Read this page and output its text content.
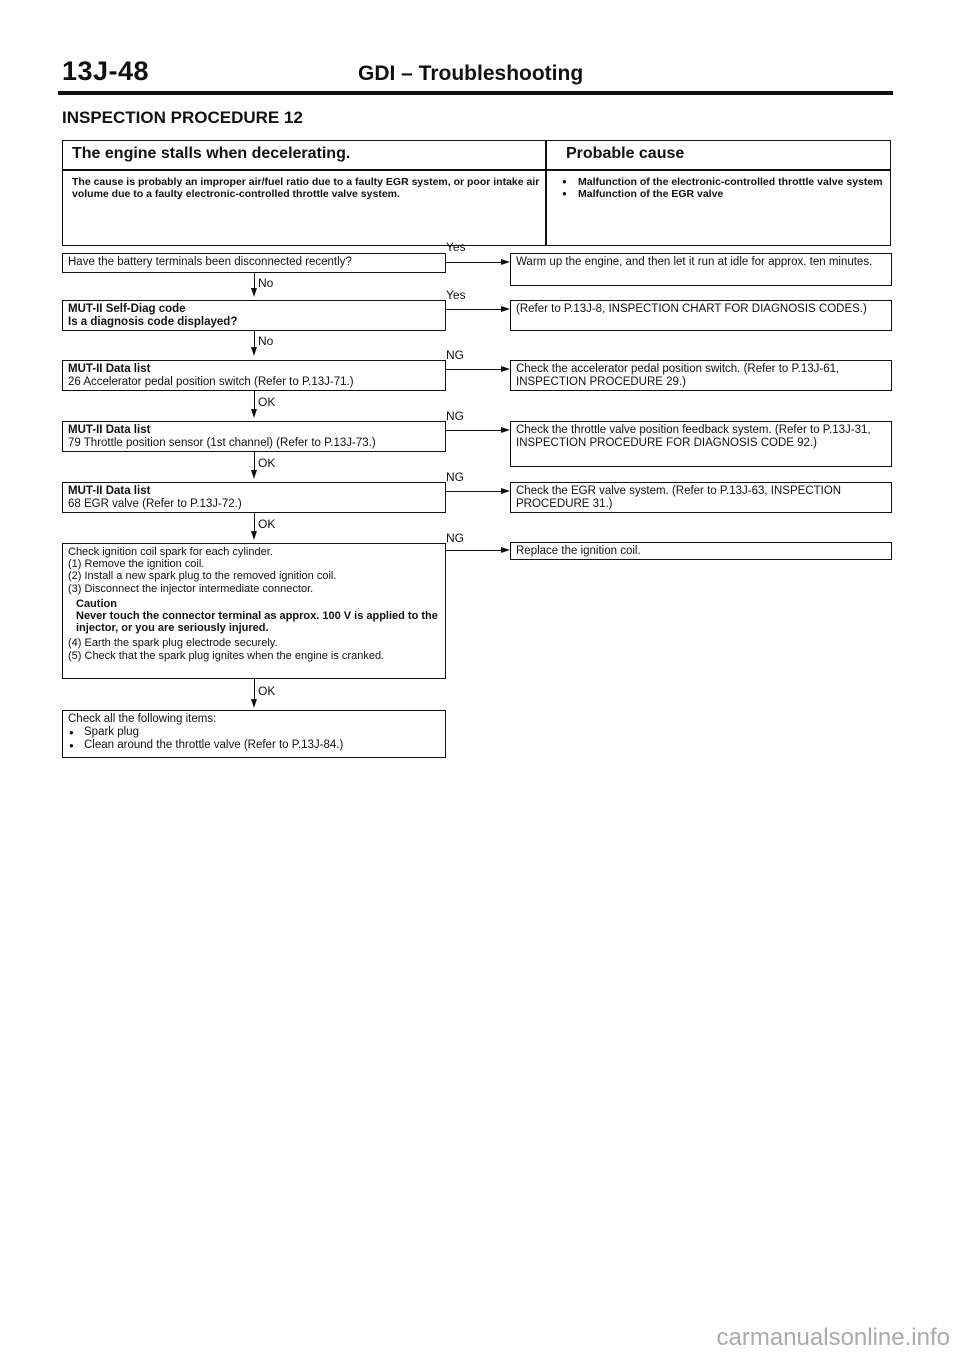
13J-48	GDI – Troubleshooting
INSPECTION PROCEDURE 12
The engine stalls when decelerating.	Probable cause
The cause is probably an improper air/fuel ratio due to a faulty EGR system, or poor intake air volume due to a faulty electronic-controlled throttle valve system.
● Malfunction of the electronic-controlled throttle valve system
● Malfunction of the EGR valve
Have the battery terminals been disconnected recently?
Yes
Warm up the engine, and then let it run at idle for approx. ten minutes.
No
MUT-II Self-Diag code
Is a diagnosis code displayed?
Yes
(Refer to P.13J-8, INSPECTION CHART FOR DIAGNOSIS CODES.)
No
MUT-II Data list
26 Accelerator pedal position switch (Refer to P.13J-71.)
NG
Check the accelerator pedal position switch. (Refer to P.13J-61, INSPECTION PROCEDURE 29.)
OK
MUT-II Data list
79 Throttle position sensor (1st channel) (Refer to P.13J-73.)
NG
Check the throttle valve position feedback system. (Refer to P.13J-31, INSPECTION PROCEDURE FOR DIAGNOSIS CODE 92.)
OK
MUT-II Data list
68 EGR valve (Refer to P.13J-72.)
NG
Check the EGR valve system. (Refer to P.13J-63, INSPECTION PROCEDURE 31.)
OK
Check ignition coil spark for each cylinder.
(1) Remove the ignition coil.
(2) Install a new spark plug to the removed ignition coil.
(3) Disconnect the injector intermediate connector.
Caution
Never touch the connector terminal as approx. 100 V is applied to the injector, or you are seriously injured.
(4) Earth the spark plug electrode securely.
(5) Check that the spark plug ignites when the engine is cranked.
NG
Replace the ignition coil.
OK
Check all the following items:
● Spark plug
● Clean around the throttle valve (Refer to P.13J-84.)
carmanualsonline.info
